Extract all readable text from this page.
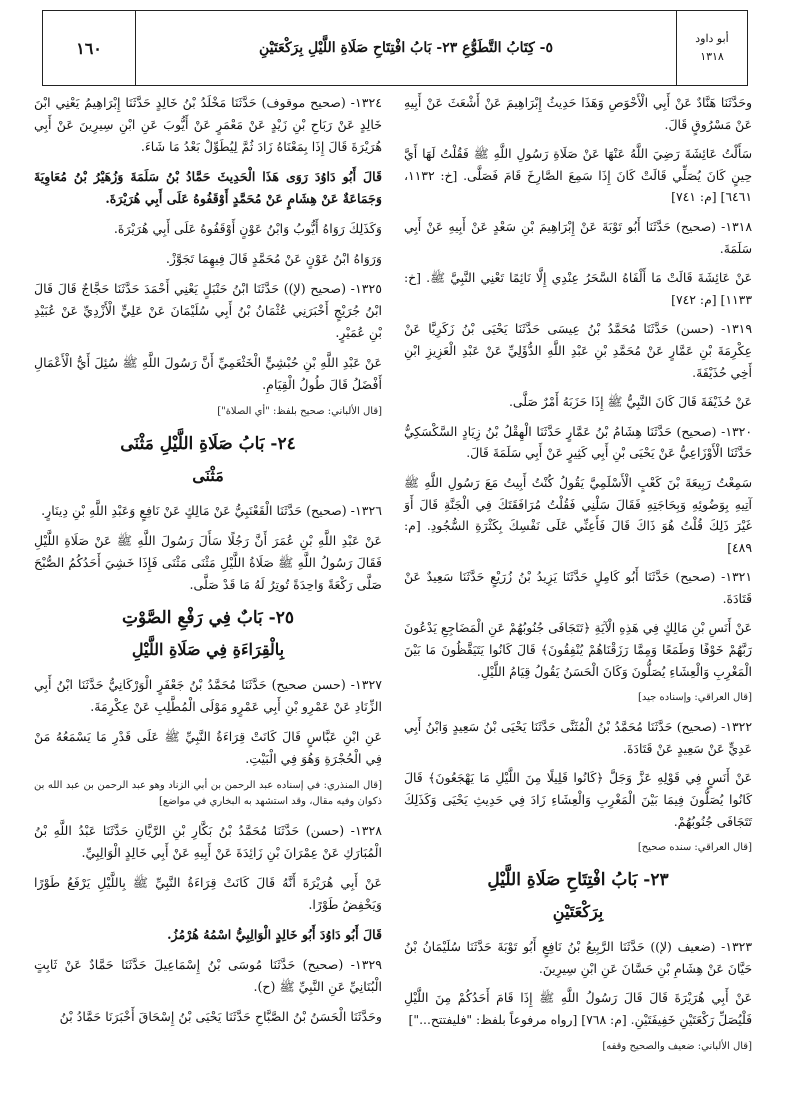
أبو داود
١٣١٨
٥- كِتَابُ التَّطَوُّعِ ٢٣- بَابُ افْتِتَاحِ صَلَاةِ اللَّيْلِ بِرَكْعَتَيْنِ
١٦٠

وحَدَّثَنَا هَنَّادٌ عَنْ أَبِي الْأَحْوَصِ وَهَذَا حَدِيثُ إِبْرَاهِيمَ عَنْ أَشْعَثَ عَنْ أَبِيهِ عَنْ مَسْرُوقٍ قَالَ.

سَأَلْتُ عَائِشَةَ رَضِيَ اللَّهُ عَنْهَا عَنْ صَلَاةِ رَسُولِ اللَّهِ ﷺ فَقُلْتُ لَهَا أَيَّ حِينٍ كَانَ يُصَلِّي قَالَتْ كَانَ إِذَا سَمِعَ الصَّارِخَ قَامَ فَصَلَّى. [خ: ١١٣٢، ٦٤٦١] [م: ٧٤١]

١٣١٨- (صحيح) حَدَّثَنَا أَبُو تَوْبَةَ عَنْ إِبْرَاهِيمَ بْنِ سَعْدٍ عَنْ أَبِيهِ عَنْ أَبِي سَلَمَةَ.

عَنْ عَائِشَةَ قَالَتْ مَا أَلْفَاهُ السَّحَرُ عِنْدِي إِلَّا نَائِمًا تَعْنِي النَّبِيَّ ﷺ. [خ: ١١٣٣] [م: ٧٤٢]

١٣١٩- (حسن) حَدَّثَنَا مُحَمَّدُ بْنُ عِيسَى حَدَّثَنَا يَحْيَى بْنُ زَكَرِيَّا عَنْ عِكْرِمَةَ بْنِ عَمَّارٍ عَنْ مُحَمَّدِ بْنِ عَبْدِ اللَّهِ الدُّؤَلِيِّ عَنْ عَبْدِ الْعَزِيزِ ابْنِ أَخِي حُذَيْفَةَ.

عَنْ حُذَيْفَةَ قَالَ كَانَ النَّبِيُّ ﷺ إِذَا حَزَبَهُ أَمْرٌ صَلَّى.

١٣٢٠- (صحيح) حَدَّثَنَا هِشَامُ بْنُ عَمَّارٍ حَدَّثَنَا الْهِقْلُ بْنُ زِيَادٍ السَّكْسَكِيُّ حَدَّثَنَا الْأَوْزَاعِيُّ عَنْ يَحْيَى بْنِ أَبِي كَثِيرٍ عَنْ أَبِي سَلَمَةَ قَالَ.

سَمِعْتُ رَبِيعَةَ بْنَ كَعْبٍ الْأَسْلَمِيَّ يَقُولُ كُنْتُ أَبِيتُ مَعَ رَسُولِ اللَّهِ ﷺ آتِيهِ بِوَضُوئِهِ وَبِحَاجَتِهِ فَقَالَ سَلْنِي فَقُلْتُ مُرَافَقَتَكَ فِي الْجَنَّةِ قَالَ أَوَ غَيْرَ ذَلِكَ قُلْتُ هُوَ ذَاكَ قَالَ فَأَعِنِّي عَلَى نَفْسِكَ بِكَثْرَةِ السُّجُودِ. [م: ٤٨٩]

١٣٢١- (صحيح) حَدَّثَنَا أَبُو كَامِلٍ حَدَّثَنَا يَزِيدُ بْنُ زُرَيْعٍ حَدَّثَنَا سَعِيدٌ عَنْ قَتَادَةَ.

عَنْ أَنَسِ بْنِ مَالِكٍ فِي هَذِهِ الْآيَةِ ﴿تَتَجَافَى جُنُوبُهُمْ عَنِ الْمَضَاجِعِ يَدْعُونَ رَبَّهُمْ خَوْفًا وَطَمَعًا وَمِمَّا رَزَقْنَاهُمْ يُنْفِقُونَ﴾ قَالَ كَانُوا يَتَيَقَّظُونَ مَا بَيْنَ الْمَغْرِبِ وَالْعِشَاءِ يُصَلُّونَ وَكَانَ الْحَسَنُ يَقُولُ قِيَامُ اللَّيْلِ.

[قال العراقي: وإسناده جيد]

١٣٢٢- (صحيح) حَدَّثَنَا مُحَمَّدُ بْنُ الْمُثَنَّى حَدَّثَنَا يَحْيَى بْنُ سَعِيدٍ وَابْنُ أَبِي عَدِيٍّ عَنْ سَعِيدٍ عَنْ قَتَادَةَ.

عَنْ أَنَسٍ فِي قَوْلِهِ عَزَّ وَجَلَّ ﴿كَانُوا قَلِيلًا مِنَ اللَّيْلِ مَا يَهْجَعُونَ﴾ قَالَ كَانُوا يُصَلُّونَ فِيمَا بَيْنَ الْمَغْرِبِ وَالْعِشَاءِ زَادَ فِي حَدِيثِ يَحْيَى وَكَذَلِكَ تَتَجَافَى جُنُوبُهُمْ.

[قال العراقي: سنده صحيح]
٢٣- بَابُ افْتِتَاحِ صَلَاةِ اللَّيْلِ
بِرَكْعَتَيْنِ

١٣٢٣- (ضعيف (ﻹ)) حَدَّثَنَا الرَّبِيعُ بْنُ نَافِعٍ أَبُو تَوْبَةَ حَدَّثَنَا سُلَيْمَانُ بْنُ حَيَّانَ عَنْ هِشَامِ بْنِ حَسَّانَ عَنِ ابْنِ سِيرِينَ.

عَنْ أَبِي هُرَيْرَةَ قَالَ قَالَ رَسُولُ اللَّهِ ﷺ إِذَا قَامَ أَحَدُكُمْ مِنَ اللَّيْلِ فَلْيُصَلِّ رَكْعَتَيْنِ خَفِيفَتَيْنِ. [م: ٧٦٨] [رواه مرفوعاً بلفظ: "فليفتتح..."]

[قال الألباني: ضعيف والصحيح وقفه]

١٣٢٤- (صحيح موقوف) حَدَّثَنَا مَخْلَدُ بْنُ خَالِدٍ حَدَّثَنَا إِبْرَاهِيمُ يَعْنِي ابْنَ خَالِدٍ عَنْ رَبَاحِ بْنِ زَيْدٍ عَنْ مَعْمَرٍ عَنْ أَيُّوبَ عَنِ ابْنِ سِيرِينَ عَنْ أَبِي هُرَيْرَةَ قَالَ إِذَا بِمَعْنَاهُ زَادَ ثُمَّ لِيُطَوِّلْ بَعْدُ مَا شَاءَ.

قَالَ أَبُو دَاوُدَ رَوَى هَذَا الْحَدِيثَ حَمَّادُ بْنُ سَلَمَةَ وَزُهَيْرُ بْنُ مُعَاوِيَةَ وَجَمَاعَةٌ عَنْ هِشَامٍ عَنْ مُحَمَّدٍ أَوْقَفُوهُ عَلَى أَبِي هُرَيْرَةَ.

وَكَذَلِكَ رَوَاهُ أَيُّوبُ وَابْنُ عَوْنٍ أَوْقَفُوهُ عَلَى أَبِي هُرَيْرَةَ.

وَرَوَاهُ ابْنُ عَوْنٍ عَنْ مُحَمَّدٍ قَالَ فِيهِمَا تَجَوَّزْ.

١٣٢٥- (صحيح (ﻹ)) حَدَّثَنَا ابْنُ حَنْبَلٍ يَعْنِي أَحْمَدَ حَدَّثَنَا حَجَّاجٌ قَالَ قَالَ ابْنُ جُرَيْجٍ أَخْبَرَنِي عُثْمَانُ بْنُ أَبِي سُلَيْمَانَ عَنْ عَلِيٍّ الْأَزْدِيِّ عَنْ عُبَيْدِ بْنِ عُمَيْرٍ.

عَنْ عَبْدِ اللَّهِ بْنِ حُبْشِيٍّ الْخَثْعَمِيِّ أَنَّ رَسُولَ اللَّهِ ﷺ سُئِلَ أَيُّ الْأَعْمَالِ أَفْضَلُ قَالَ طُولُ الْقِيَامِ.

[قال الألباني: صحيح بلفظ: "أي الصلاة"]
٢٤- بَابُ صَلَاةِ اللَّيْلِ مَثْنَى
مَثْنَى

١٣٢٦- (صحيح) حَدَّثَنَا الْقَعْنَبِيُّ عَنْ مَالِكٍ عَنْ نَافِعٍ وَعَبْدِ اللَّهِ بْنِ دِينَارٍ.

عَنْ عَبْدِ اللَّهِ بْنِ عُمَرَ أَنَّ رَجُلًا سَأَلَ رَسُولَ اللَّهِ ﷺ عَنْ صَلَاةِ اللَّيْلِ فَقَالَ رَسُولُ اللَّهِ ﷺ صَلَاةُ اللَّيْلِ مَثْنَى مَثْنَى فَإِذَا خَشِيَ أَحَدُكُمُ الصُّبْحَ صَلَّى رَكْعَةً وَاحِدَةً تُوتِرُ لَهُ مَا قَدْ صَلَّى.

٢٥- بَابٌ فِي رَفْعِ الصَّوْتِ
بِالْقِرَاءَةِ فِي صَلَاةِ اللَّيْلِ

١٣٢٧- (حسن صحيح) حَدَّثَنَا مُحَمَّدُ بْنُ جَعْفَرٍ الْوَرْكَانِيُّ حَدَّثَنَا ابْنُ أَبِي الزِّنَادِ عَنْ عَمْرِو بْنِ أَبِي عَمْرٍو مَوْلَى الْمُطَّلِبِ عَنْ عِكْرِمَةَ.

عَنِ ابْنِ عَبَّاسٍ قَالَ كَانَتْ قِرَاءَةُ النَّبِيِّ ﷺ عَلَى قَدْرِ مَا يَسْمَعُهُ مَنْ فِي الْحُجْرَةِ وَهُوَ فِي الْبَيْتِ.

[قال المنذري: في إسناده عبد الرحمن بن أبي الزناد وهو عبد الرحمن بن عبد الله بن ذكوان وفيه مقال، وقد استشهد به البخاري في مواضع]

١٣٢٨- (حسن) حَدَّثَنَا مُحَمَّدُ بْنُ بَكَّارِ بْنِ الرَّيَّانِ حَدَّثَنَا عَبْدُ اللَّهِ بْنُ الْمُبَارَكِ عَنْ عِمْرَانَ بْنِ زَائِدَةَ عَنْ أَبِيهِ عَنْ أَبِي خَالِدٍ الْوَالِبِيِّ.

عَنْ أَبِي هُرَيْرَةَ أَنَّهُ قَالَ كَانَتْ قِرَاءَةُ النَّبِيِّ ﷺ بِاللَّيْلِ يَرْفَعُ طَوْرًا وَيَخْفِضُ طَوْرًا.

قَالَ أَبُو دَاوُدَ أَبُو خَالِدٍ الْوَالِبِيُّ اسْمُهُ هُرْمُزُ.

١٣٢٩- (صحيح) حَدَّثَنَا مُوسَى بْنُ إِسْمَاعِيلَ حَدَّثَنَا حَمَّادٌ عَنْ ثَابِتٍ الْبُنَانِيِّ عَنِ النَّبِيِّ ﷺ (ح).

وحَدَّثَنَا الْحَسَنُ بْنُ الصَّبَّاحِ حَدَّثَنَا يَحْيَى بْنُ إِسْحَاقَ أَخْبَرَنَا حَمَّادُ بْنُ
